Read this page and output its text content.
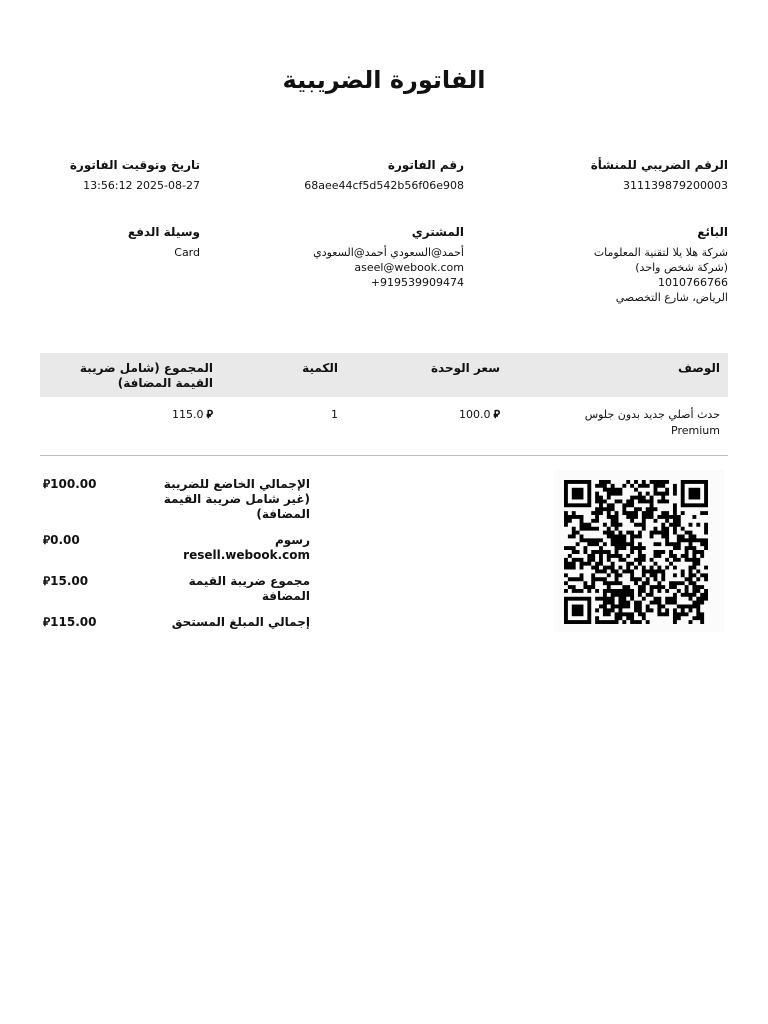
الفاتورة الضريبية
الرقم الضريبي للمنشأة
311139879200003
رقم الفاتورة
68aee44cf5d542b56f06e908
تاريخ وتوقيت الفاتورة
2025-08-27 13:56:12
البائع
شركة هلا يلا لتقنية المعلومات
(شركة شخص واحد)
1010766766
الرياض، شارع التخصصي
المشتري
أحمد@السعودي أحمد@السعودي
aseel@webook.com
+919539909474
وسيلة الدفع
Card
الوصف
سعر الوحدة
الكمية
المجموع (شامل ضريبة القيمة المضافة)
حدث أصلي جديد بدون جلوس
Premium
⃁100.0
1
⃁115.0
الإجمالي الخاضع للضريبة (غير شامل ضريبة القيمة المضافة)
⃁100.00
رسوم resell.webook.com
⃁0.00
مجموع ضريبة القيمة المضافة
⃁15.00
إجمالي المبلغ المستحق
⃁115.00
